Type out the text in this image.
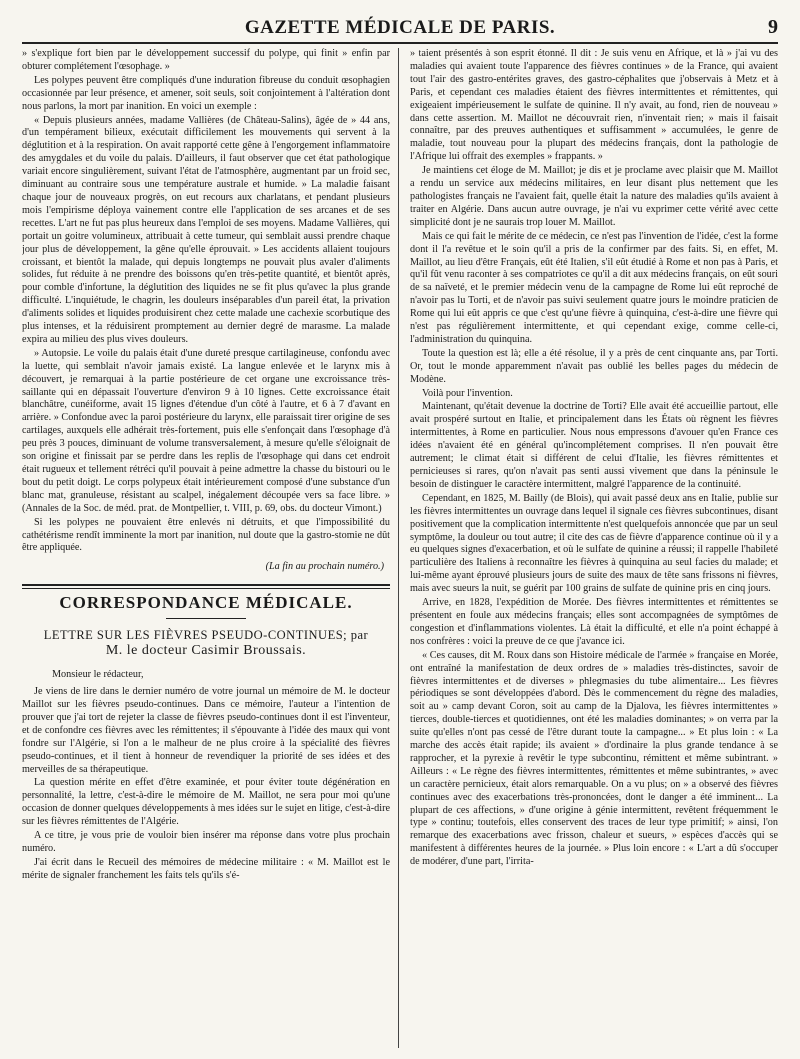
GAZETTE MÉDICALE DE PARIS.	9

» s'explique fort bien par le développement successif du polype, qui finit » enfin par obturer complétement l'œsophage. »

Les polypes peuvent être compliqués d'une induration fibreuse du conduit œsophagien occasionnée par leur présence, et amener, soit seuls, soit conjointement à l'altération dont nous parlons, la mort par inanition. En voici un exemple :

« Depuis plusieurs années, madame Vallières (de Château-Salins), âgée de » 44 ans, d'un tempérament bilieux, exécutait difficilement les mouvements qui servent à la déglutition et à la respiration. On avait rapporté cette gêne à l'engorgement inflammatoire des amygdales et du voile du palais. D'ailleurs, il faut observer que cet état pathologique variait encore singulièrement, suivant l'état de l'atmosphère, augmentant par un froid sec, diminuant au contraire sous une température australe et humide. » La maladie faisant chaque jour de nouveaux progrès, on eut recours aux charlatans, et pendant plusieurs mois l'empirisme déploya vainement contre elle l'application de ses arcanes et de ses recettes. L'art ne fut pas plus heureux dans l'emploi de ses moyens. Madame Vallières, qui portait un goitre volumineux, attribuait à cette tumeur, qui semblait aussi prendre chaque jour plus de développement, la gêne qu'elle éprouvait. » Les accidents allaient toujours croissant, et bientôt la malade, qui depuis longtemps ne pouvait plus avaler d'aliments solides, fut réduite à ne prendre des boissons qu'en très-petite quantité, et bientôt après, pour comble d'infortune, la déglutition des liquides ne se fit plus qu'avec la plus grande difficulté. L'inquiétude, le chagrin, les douleurs inséparables d'un pareil état, la privation d'aliments solides et liquides produisirent chez cette malade une cachexie scorbutique des plus intenses, et la réduisirent promptement au dernier degré de marasme. La malade expira au milieu des plus vives douleurs.

» Autopsie. Le voile du palais était d'une dureté presque cartilagineuse, confondu avec la luette, qui semblait n'avoir jamais existé. La langue enlevée et le larynx mis à découvert, je remarquai à la partie postérieure de cet organe une excroissance très-saillante qui en dépassait l'ouverture d'environ 9 à 10 lignes. Cette excroissance était blanchâtre, cunéiforme, avait 15 lignes d'étendue d'un côté à l'autre, et 6 à 7 d'avant en arrière. » Confondue avec la paroi postérieure du larynx, elle paraissait tirer origine de ses cartilages, auxquels elle adhérait très-fortement, puis elle s'enfonçait dans l'œsophage d'à peu près 3 pouces, diminuant de volume transversalement, à mesure qu'elle s'éloignait de son origine et finissait par se perdre dans les replis de l'œsophage qui dans cet endroit était rugueux et tellement rétréci qu'il pouvait à peine admettre la chasse du bistouri ou le bout du petit doigt. Le corps polypeux était intérieurement composé d'une substance d'un blanc mat, granuleuse, résistant au scalpel, inégalement découpée vers sa face libre. » (Annales de la Soc. de méd. prat. de Montpellier, t. VIII, p. 69, obs. du docteur Vimont.)

Si les polypes ne pouvaient être enlevés ni détruits, et que l'impossibilité du cathétérisme rendît imminente la mort par inanition, nul doute que la gastro-stomie ne dût être appliquée.

(La fin au prochain numéro.)
CORRESPONDANCE MÉDICALE.
LETTRE SUR LES FIÈVRES PSEUDO-CONTINUES; par
M. le docteur Casimir Broussais.
Monsieur le rédacteur,

Je viens de lire dans le dernier numéro de votre journal un mémoire de M. le docteur Maillot sur les fièvres pseudo-continues. Dans ce mémoire, l'auteur a l'intention de prouver que j'ai tort de rejeter la classe de fièvres pseudo-continues dont il est l'inventeur, et de confondre ces fièvres avec les rémittentes; il s'épouvante à l'idée des maux qui vont fondre sur l'Algérie, si l'on a le malheur de ne plus croire à la spécialité des fièvres pseudo-continues, et il tient à honneur de revendiquer la priorité de ses idées et des merveilles de sa thérapeutique.

La question mérite en effet d'être examinée, et pour éviter toute dégénération en personnalité, la lettre, c'est-à-dire le mémoire de M. Maillot, ne sera pour moi qu'une occasion de donner quelques développements à mes idées sur le sujet en litige, c'est-à-dire sur les fièvres rémittentes de l'Algérie.

A ce titre, je vous prie de vouloir bien insérer ma réponse dans votre plus prochain numéro.

J'ai écrit dans le Recueil des mémoires de médecine militaire : « M. Maillot est le mérite de signaler franchement les faits tels qu'ils s'é-

» taient présentés à son esprit étonné. Il dit : Je suis venu en Afrique, et là » j'ai vu des maladies qui avaient toute l'apparence des fièvres continues » de la France, qui avaient tout l'air des gastro-entérites graves, des gastro-céphalites que j'observais à Metz et à Paris, et cependant ces maladies étaient des fièvres intermittentes et rémittentes, qui exigeaient impérieusement le sulfate de quinine. Il n'y avait, au fond, rien de nouveau » dans cette assertion. M. Maillot ne découvrait rien, n'inventait rien; » mais il faisait connaître, par des preuves authentiques et suffisamment » accumulées, le genre de maladie, tout nouveau pour la plupart des médecins français, dont la pathologie de l'Afrique lui offrait des exemples » frappants. »

Je maintiens cet éloge de M. Maillot; je dis et je proclame avec plaisir que M. Maillot a rendu un service aux médecins militaires, en leur disant plus nettement que les pathologistes français ne l'avaient fait, quelle était la nature des maladies qu'ils avaient à traiter en Algérie. Dans aucun autre ouvrage, je n'ai vu exprimer cette vérité avec cette simplicité dont je ne saurais trop louer M. Maillot.

Mais ce qui fait le mérite de ce médecin, ce n'est pas l'invention de l'idée, c'est la forme dont il l'a revêtue et le soin qu'il a pris de la confirmer par des faits. Si, en effet, M. Maillot, au lieu d'être Français, eût été Italien, s'il eût étudié à Rome et non pas à Paris, et qu'il fût venu raconter à ses compatriotes ce qu'il a dit aux médecins français, on eût souri de sa naïveté, et le premier médecin venu de la campagne de Rome lui eût reproché de n'avoir pas lu Torti, et de n'avoir pas suivi seulement quatre jours le moindre praticien de Rome qui lui eût appris ce que c'est qu'une fièvre à quinquina, c'est-à-dire une fièvre qui n'est pas régulièrement intermittente, et qui cependant exige, comme celle-ci, l'administration du quinquina.

Toute la question est là; elle a été résolue, il y a près de cent cinquante ans, par Torti. Or, tout le monde apparemment n'avait pas oublié les belles pages du médecin de Modène.

Voilà pour l'invention.

Maintenant, qu'était devenue la doctrine de Torti? Elle avait été accueillie partout, elle avait prospéré surtout en Italie, et principalement dans les États où règnent les fièvres intermittentes, à Rome en particulier. Nous nous empressons d'avouer qu'en France ces idées n'avaient été en général qu'incomplétement comprises. Il n'en pouvait être autrement; le climat était si différent de celui d'Italie, les fièvres rémittentes et pernicieuses si rares, qu'on n'avait pas senti aussi vivement que dans la péninsule le besoin de distinguer le caractère intermittent, malgré l'apparence de la continuité.

Cependant, en 1825, M. Bailly (de Blois), qui avait passé deux ans en Italie, publie sur les fièvres intermittentes un ouvrage dans lequel il signale ces fièvres subcontinues, disant positivement que la complication intermittente n'est quelquefois annoncée que par un seul symptôme, la douleur ou tout autre; il cite des cas de fièvre d'apparence continue où il y a eu quelques signes d'exacerbation, et où le sulfate de quinine a réussi; il rappelle l'habileté particulière des Italiens à reconnaître les fièvres à quinquina au seul facies du malade; et lui-même ayant éprouvé plusieurs jours de suite des maux de tête sans frissons ni fièvres, mais avec sueurs la nuit, se guérit par 100 grains de sulfate de quinine pris en cinq jours.

Arrive, en 1828, l'expédition de Morée. Des fièvres intermittentes et rémittentes se présentent en foule aux médecins français; elles sont accompagnées de symptômes de congestion et d'inflammations violentes. Là était la difficulté, et elle n'a point échappé à nos confrères : voici la preuve de ce que j'avance ici.

« Ces causes, dit M. Roux dans son Histoire médicale de l'armée » française en Morée, ont entraîné la manifestation de deux ordres de » maladies très-distinctes, savoir de fièvres intermittentes et de diverses » phlegmasies du tube alimentaire... Les fièvres périodiques se sont développées d'abord. Dès le commencement du règne des maladies, soit au » camp devant Coron, soit au camp de la Djalova, les fièvres intermittentes » tierces, double-tierces et quotidiennes, ont été les maladies dominantes; » on verra par la suite qu'elles n'ont pas cessé de l'être durant toute la campagne... » Et plus loin : « La marche des accès était rapide; ils avaient » d'ordinaire la plus grande tendance à se rapprocher, et la pyrexie à revêtir le type subcontinu, rémittent et même subintrant. » Ailleurs : « Le règne des fièvres intermittentes, rémittentes et même subintrantes, » avec un caractère pernicieux, était alors remarquable. On a vu plus; on » a observé des fièvres continues avec des exacerbations très-prononcées, dont le danger a été imminent... La plupart de ces affections, » d'une origine à génie intermittent, revêtent fréquemment le type » continu; toutefois, elles conservent des traces de leur type primitif; » ainsi, l'on remarque des exacerbations avec frisson, chaleur et sueurs, » espèces d'accès qui se manifestent à différentes heures de la journée. » Plus loin encore : « L'art a dû s'occuper de modérer, d'une part, l'irrita-
